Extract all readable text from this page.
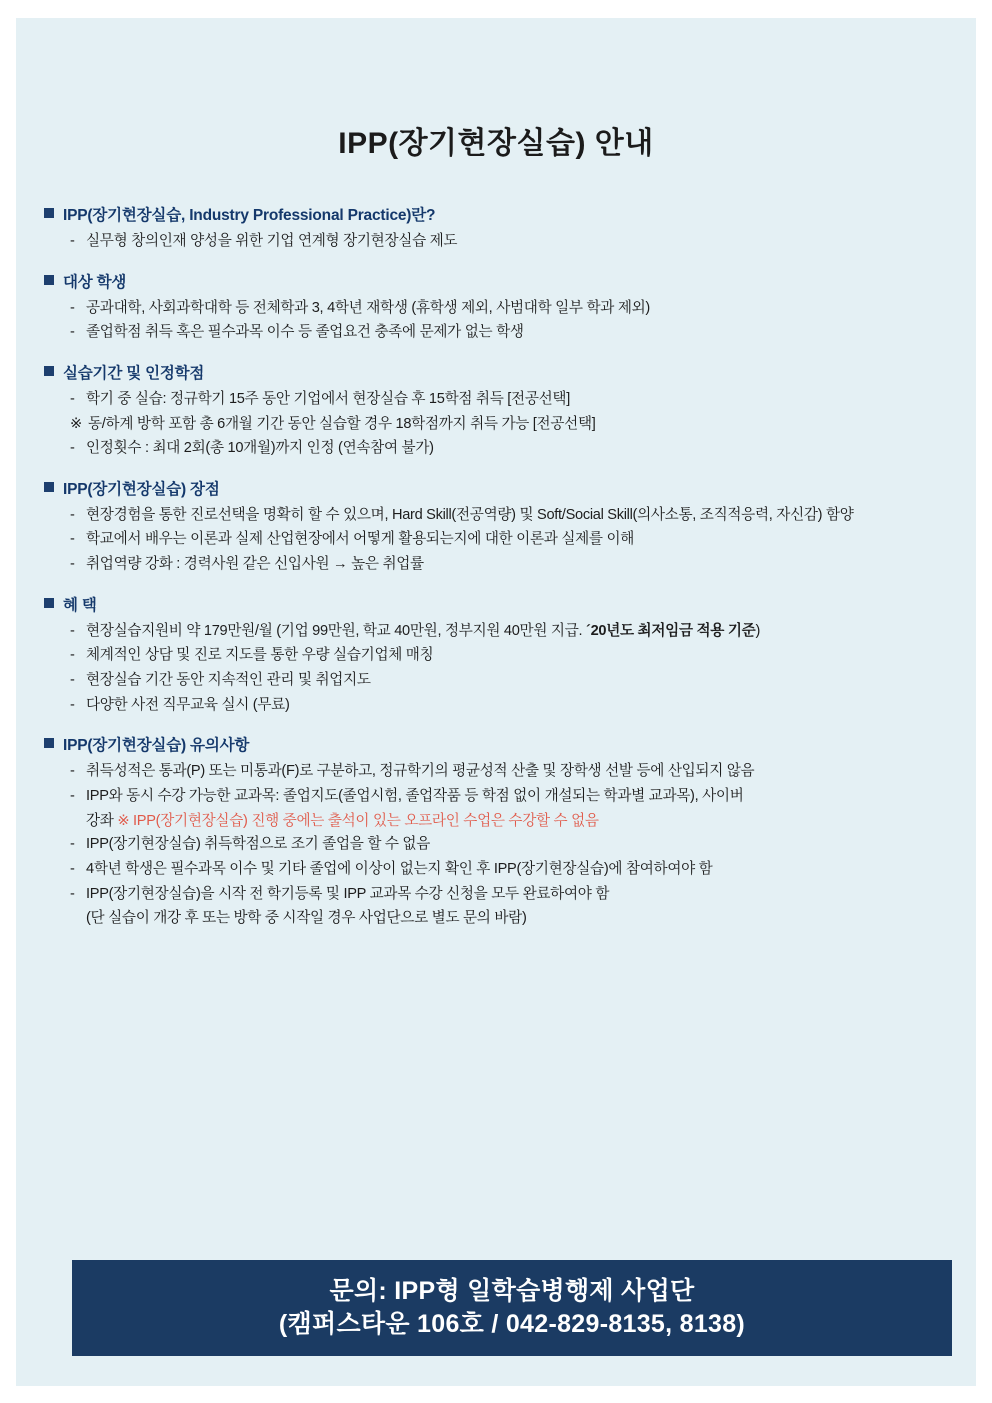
IPP(장기현장실습) 안내
IPP(장기현장실습, Industry Professional Practice)란?
- 실무형 창의인재 양성을 위한 기업 연계형 장기현장실습 제도
대상 학생
- 공과대학, 사회과학대학 등 전체학과 3, 4학년 재학생 (휴학생 제외, 사범대학 일부 학과 제외)
- 졸업학점 취득 혹은 필수과목 이수 등 졸업요건 충족에 문제가 없는 학생
실습기간 및 인정학점
- 학기 중 실습: 정규학기 15주 동안 기업에서 현장실습 후 15학점 취득 [전공선택]
※ 동/하계 방학 포함 총 6개월 기간 동안 실습할 경우 18학점까지 취득 가능 [전공선택]
- 인정횟수 : 최대 2회(총 10개월)까지 인정 (연속참여 불가)
IPP(장기현장실습) 장점
- 현장경험을 통한 진로선택을 명확히 할 수 있으며, Hard Skill(전공역량) 및 Soft/Social Skill(의사소통, 조직적응력, 자신감) 함양
- 학교에서 배우는 이론과 실제 산업현장에서 어떻게 활용되는지에 대한 이론과 실제를 이해
- 취업역량 강화 : 경력사원 같은 신입사원 → 높은 취업률
혜 택
- 현장실습지원비 약 179만원/월 (기업 99만원, 학교 40만원, 정부지원 40만원 지급. ´20년도 최저임금 적용 기준)
- 체계적인 상담 및 진로 지도를 통한 우량 실습기업체 매칭
- 현장실습 기간 동안 지속적인 관리 및 취업지도
- 다양한 사전 직무교육 실시 (무료)
IPP(장기현장실습) 유의사항
- 취득성적은 통과(P) 또는 미통과(F)로 구분하고, 정규학기의 평균성적 산출 및 장학생 선발 등에 산입되지 않음
- IPP와 동시 수강 가능한 교과목: 졸업지도(졸업시험, 졸업작품 등 학점 없이 개설되는 학과별 교과목), 사이버
강좌 ※ IPP(장기현장실습) 진행 중에는 출석이 있는 오프라인 수업은 수강할 수 없음
- IPP(장기현장실습) 취득학점으로 조기 졸업을 할 수 없음
- 4학년 학생은 필수과목 이수 및 기타 졸업에 이상이 없는지 확인 후 IPP(장기현장실습)에 참여하여야 함
- IPP(장기현장실습)을 시작 전 학기등록 및 IPP 교과목 수강 신청을 모두 완료하여야 함
(단 실습이 개강 후 또는 방학 중 시작일 경우 사업단으로 별도 문의 바람)
문의: IPP형 일학습병행제 사업단
(캠퍼스타운 106호 / 042-829-8135, 8138)
